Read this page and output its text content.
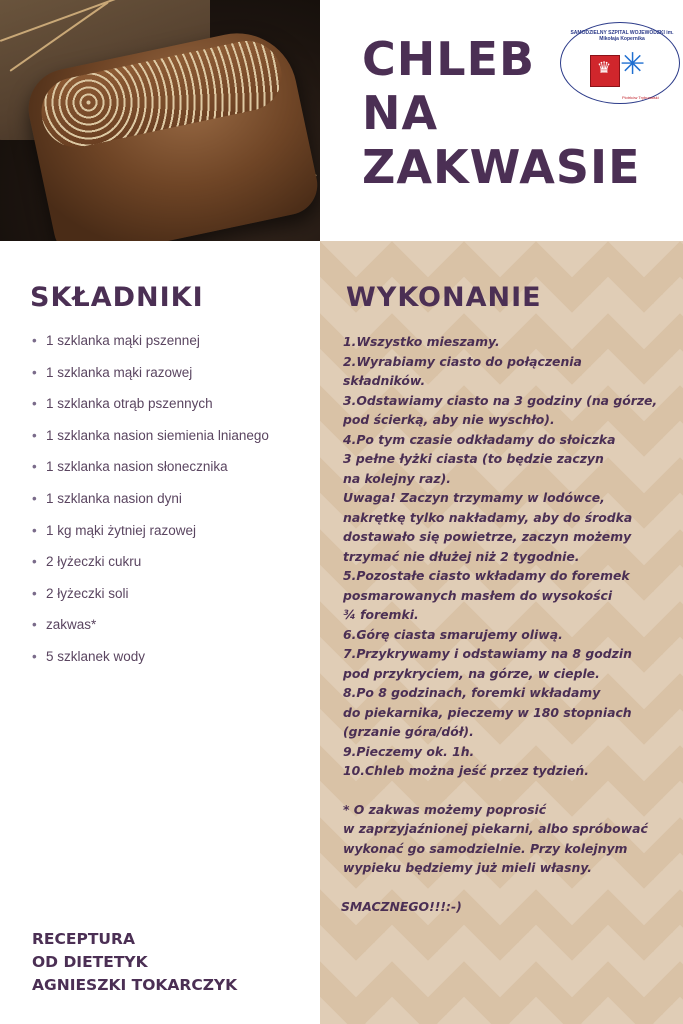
CHLEB
NA
ZAKWASIE
SAMODZIELNY SZPITAL WOJEWÓDZKI im. Mikołaja Kopernika
♛ ✳
Piotrków Trybunalski
SKŁADNIKI
• 1 szklanka mąki pszennej
• 1 szklanka mąki razowej
• 1 szklanka otrąb pszennych
• 1 szklanka nasion siemienia lnianego
• 1 szklanka nasion słonecznika
• 1 szklanka nasion dyni
• 1 kg mąki żytniej razowej
• 2 łyżeczki cukru
• 2 łyżeczki soli
• zakwas*
• 5 szklanek wody
WYKONANIE
1.Wszystko mieszamy.
2.Wyrabiamy ciasto do połączenia
składników.
3.Odstawiamy ciasto na 3 godziny (na górze,
pod ścierką, aby nie wyschło).
4.Po tym czasie odkładamy do słoiczka
3 pełne łyżki ciasta (to będzie zaczyn
na kolejny raz).
Uwaga! Zaczyn trzymamy w lodówce,
nakrętkę tylko nakładamy, aby do środka
dostawało się powietrze, zaczyn możemy
trzymać nie dłużej niż 2 tygodnie.
5.Pozostałe ciasto wkładamy do foremek
posmarowanych masłem do wysokości
¾ foremki.
6.Górę ciasta smarujemy oliwą.
7.Przykrywamy i odstawiamy na 8 godzin
pod przykryciem, na górze, w cieple.
8.Po 8 godzinach, foremki wkładamy
do piekarnika, pieczemy w 180 stopniach
(grzanie góra/dół).
9.Pieczemy ok. 1h.
10.Chleb można jeść przez tydzień.
* O zakwas możemy poprosić
w zaprzyjaźnionej piekarni, albo spróbować
wykonać go samodzielnie. Przy kolejnym
wypieku będziemy już mieli własny.
SMACZNEGO!!!:-)
RECEPTURA
OD DIETETYK
AGNIESZKI TOKARCZYK
